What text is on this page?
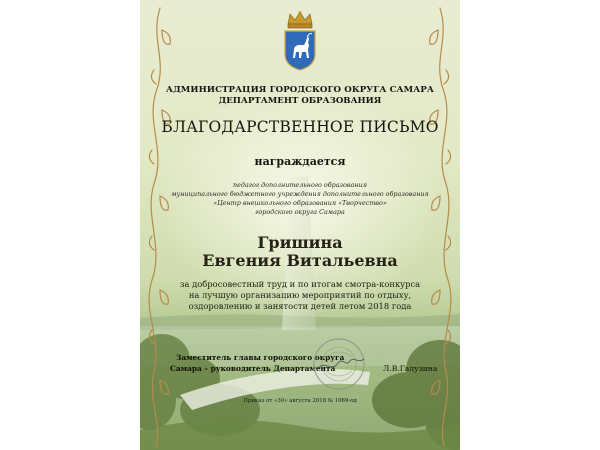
АДМИНИСТРАЦИЯ ГОРОДСКОГО ОКРУГА САМАРА
ДЕПАРТАМЕНТ ОБРАЗОВАНИЯ
БЛАГОДАРСТВЕННОЕ ПИСЬМО
награждается
педагог дополнительного образования
муниципального бюджетного учреждения дополнительного образования
«Центр внешкольного образования «Творчество»
городского округа Самара
Гришина
Евгения Витальевна
за добросовестный труд и по итогам смотра-конкурса
на лучшую организацию мероприятий по отдыху,
оздоровлению и занятости детей летом 2018 года
Заместитель главы городского округа
Самара – руководитель Департамента	Л.В.Галузина
Приказ от «30» августа 2018 № 1069-од
